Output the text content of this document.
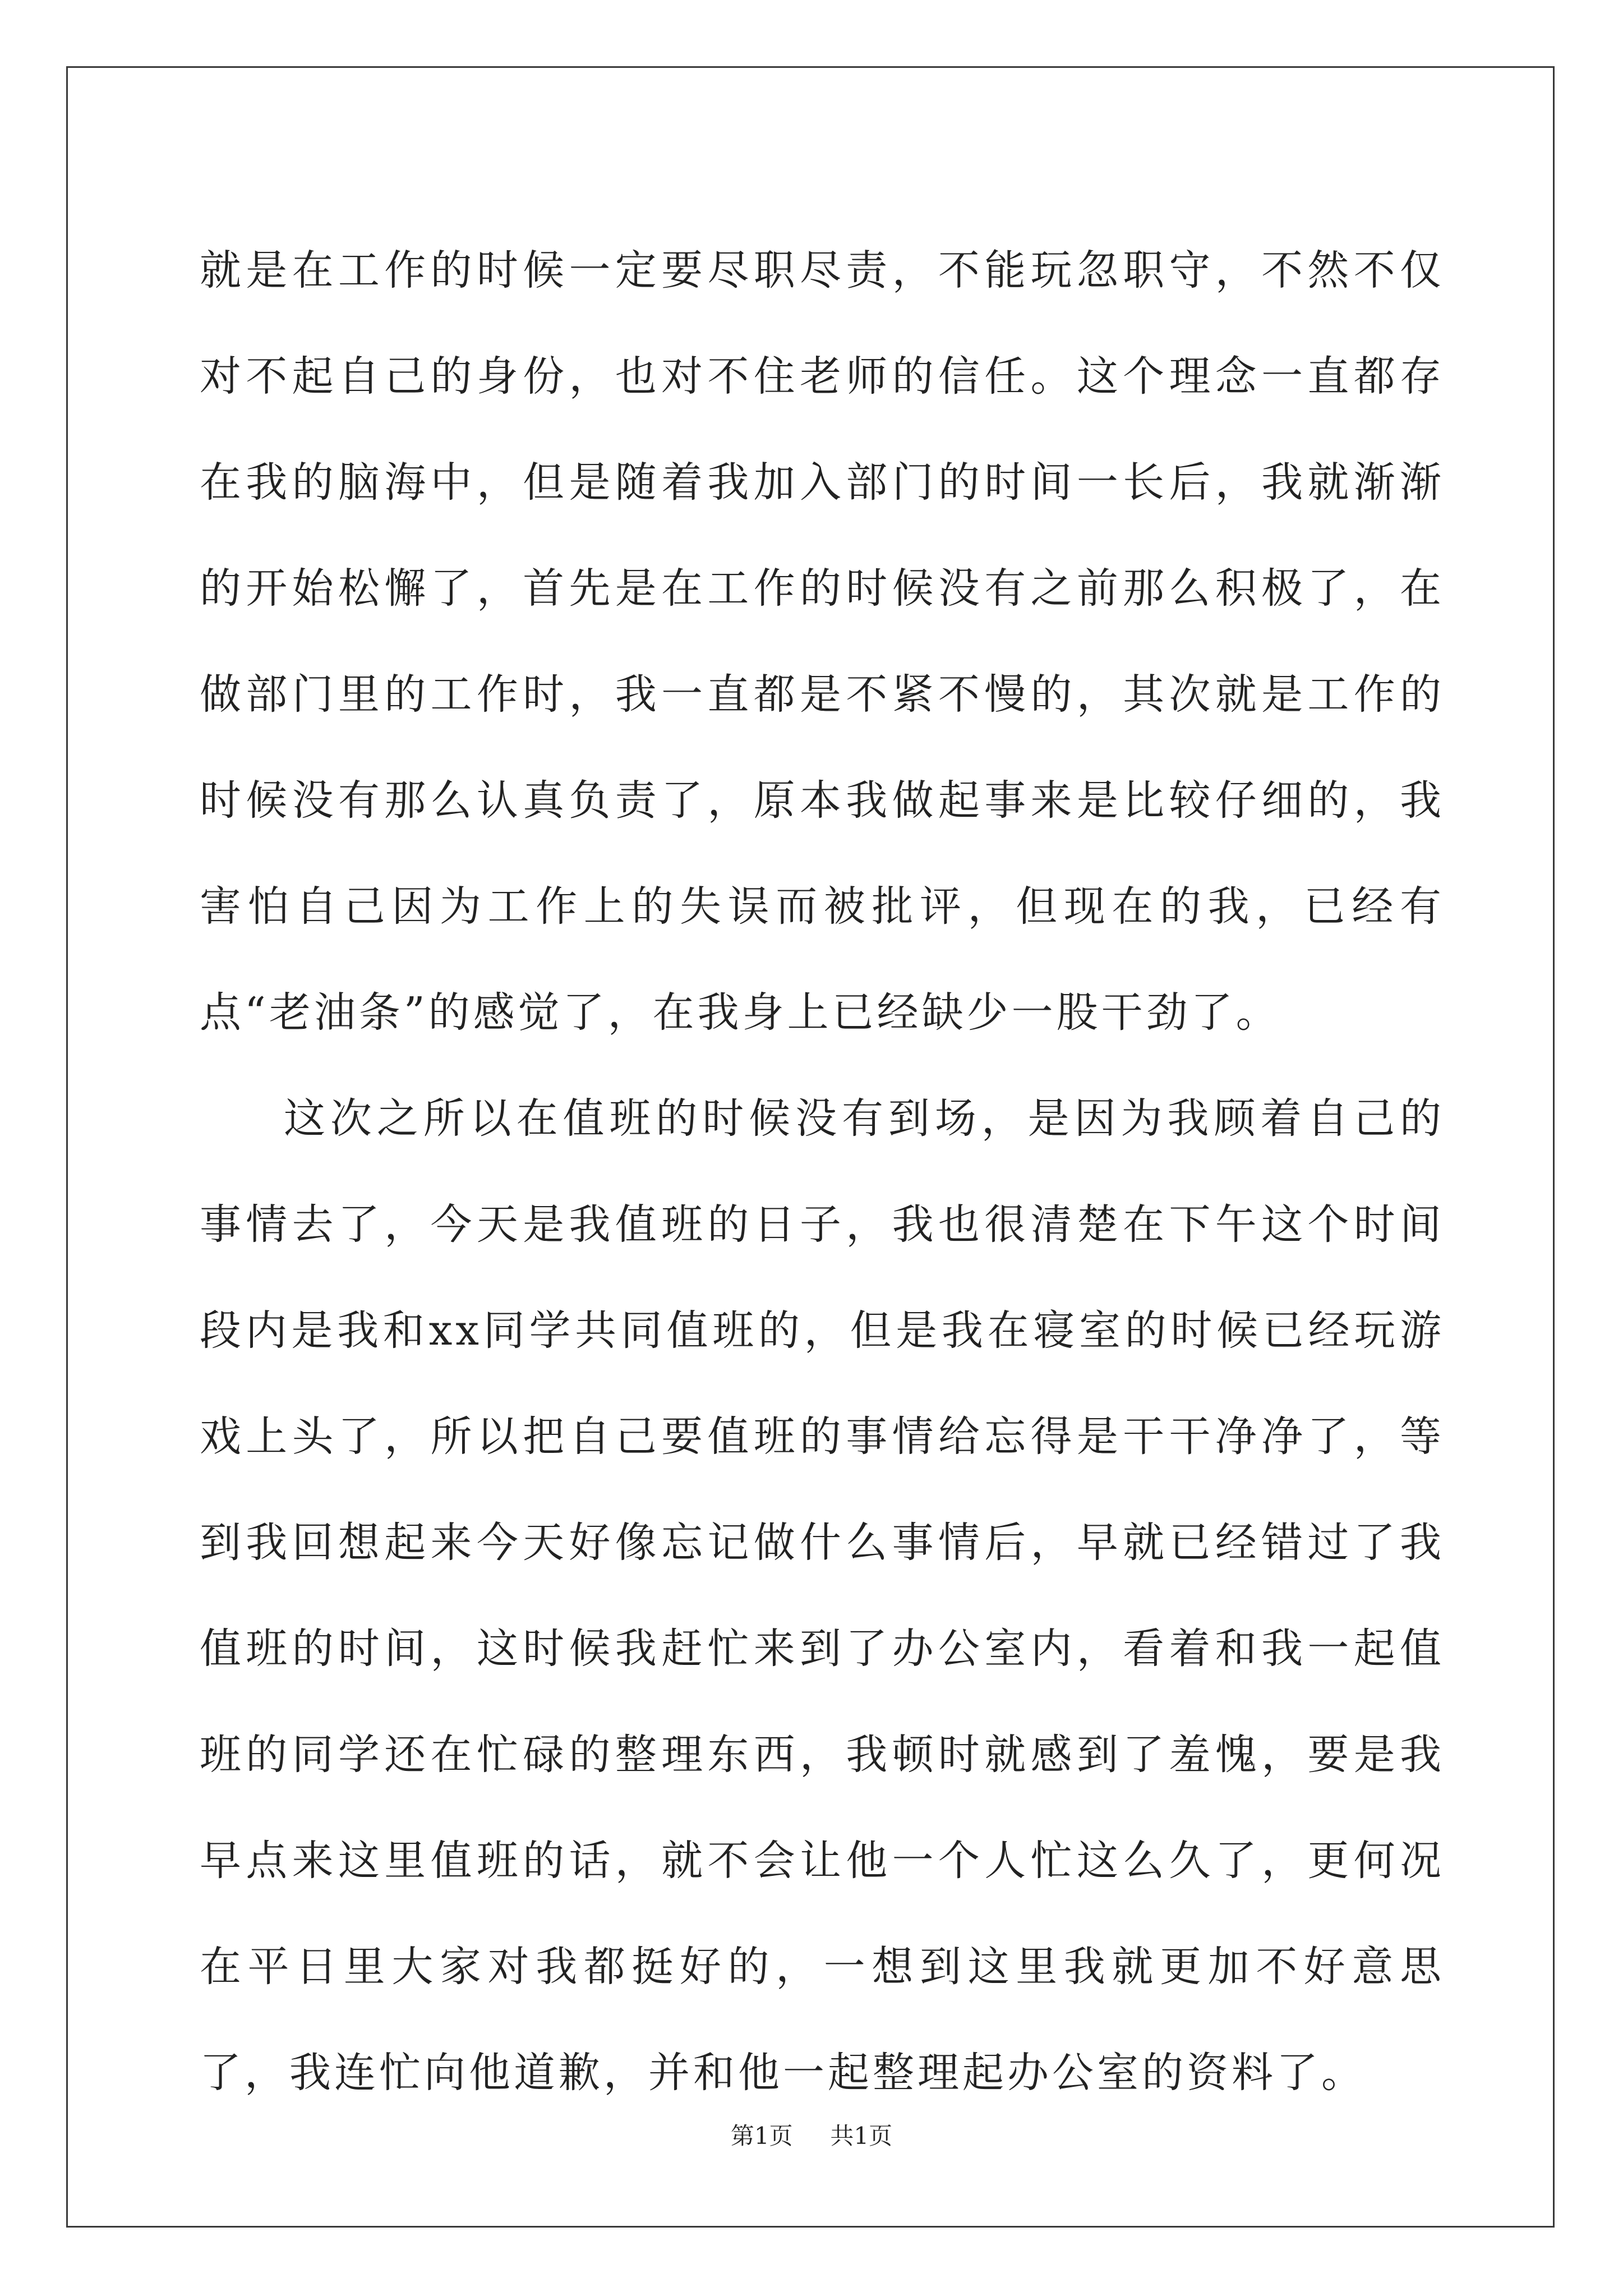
就是在工作的时候一定要尽职尽责，不能玩忽职守，不然不仅对不起自己的身份，也对不住老师的信任。这个理念一直都存在我的脑海中，但是随着我加入部门的时间一长后，我就渐渐的开始松懈了，首先是在工作的时候没有之前那么积极了，在做部门里的工作时，我一直都是不紧不慢的，其次就是工作的时候没有那么认真负责了，原本我做起事来是比较仔细的，我害怕自己因为工作上的失误而被批评，但现在的我，已经有点“老油条”的感觉了，在我身上已经缺少一股干劲了。

这次之所以在值班的时候没有到场，是因为我顾着自己的事情去了，今天是我值班的日子，我也很清楚在下午这个时间段内是我和xx同学共同值班的，但是我在寝室的时候已经玩游戏上头了，所以把自己要值班的事情给忘得是干干净净了，等到我回想起来今天好像忘记做什么事情后，早就已经错过了我值班的时间，这时候我赶忙来到了办公室内，看着和我一起值班的同学还在忙碌的整理东西，我顿时就感到了羞愧，要是我早点来这里值班的话，就不会让他一个人忙这么久了，更何况在平日里大家对我都挺好的，一想到这里我就更加不好意思了，我连忙向他道歉，并和他一起整理起办公室的资料了。

第1页 共1页
